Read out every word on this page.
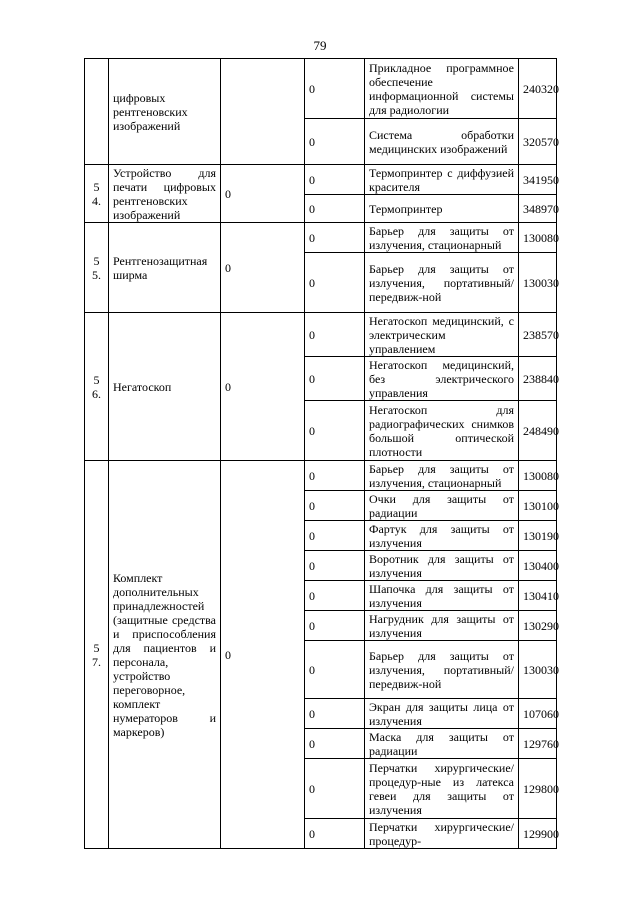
79
	цифровых рентгеновских изображений		0	Прикладное программное обеспечение информационной системы для радиологии	240320
			0	Система обработки медицинских изображений	320570
5 4.	Устройство для печати цифровых рентгеновских изображений	0	0	Термопринтер с диффузией красителя	341950
			0	Термопринтер	348970
5 5.	Рентгенозащитная ширма	0	0	Барьер для защиты от излучения, стационарный	130080
			0	Барьер для защиты от излучения, портативный/передвиж-ной	130030
5 6.	Негатоскоп	0	0	Негатоскоп медицинский, с электрическим управлением	238570
			0	Негатоскоп медицинский, без электрического управления	238840
			0	Негатоскоп для радиографических снимков большой оптической плотности	248490
5 7.	Комплект дополнительных принадлежностей (защитные средства и приспособления для пациентов и персонала, устройство переговорное, комплект нумераторов и маркеров)	0	0	Барьер для защиты от излучения, стационарный	130080
			0	Очки для защиты от радиации	130100
			0	Фартук для защиты от излучения	130190
			0	Воротник для защиты от излучения	130400
			0	Шапочка для защиты от излучения	130410
			0	Нагрудник для защиты от излучения	130290
			0	Барьер для защиты от излучения, портативный/передвиж-ной	130030
			0	Экран для защиты лица от излучения	107060
			0	Маска для защиты от радиации	129760
			0	Перчатки хирургические/процедур-ные из латекса гевеи для защиты от излучения	129800
			0	Перчатки хирургические/процедур-	129900
